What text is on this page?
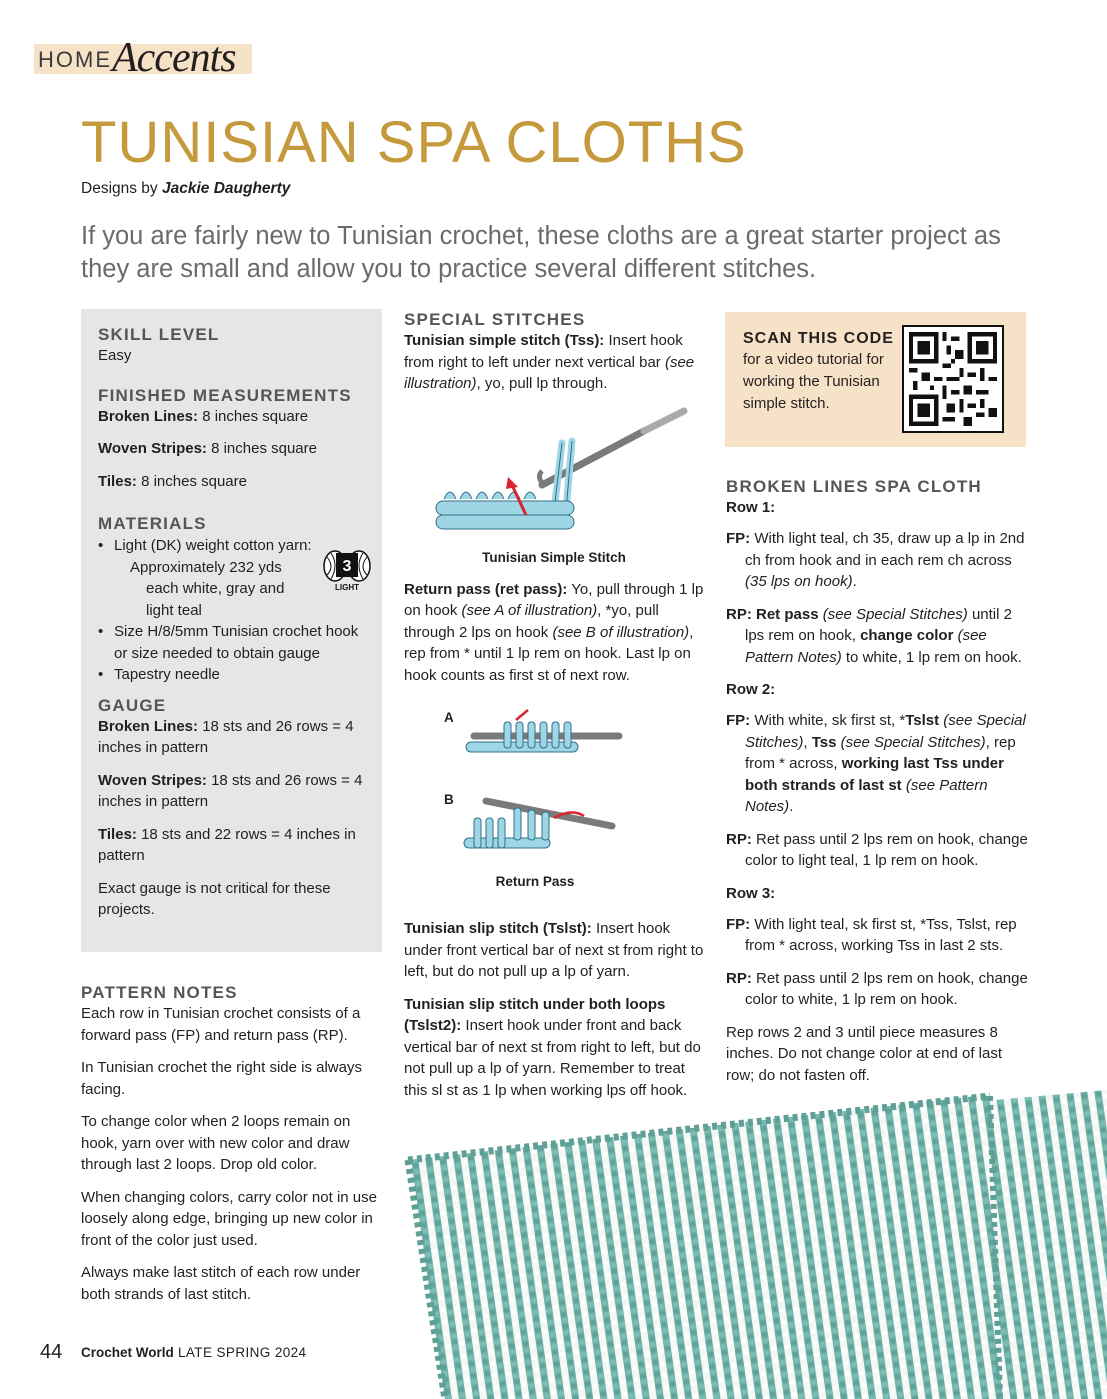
HOME Accents
TUNISIAN SPA CLOTHS
Designs by Jackie Daugherty
If you are fairly new to Tunisian crochet, these cloths are a great starter project as they are small and allow you to practice several different stitches.
SKILL LEVEL
Easy
FINISHED MEASUREMENTS
Broken Lines: 8 inches square
Woven Stripes: 8 inches square
Tiles: 8 inches square
MATERIALS
• Light (DK) weight cotton yarn:
Approximately 232 yds
each white, gray and
light teal
• Size H/8/5mm Tunisian crochet hook
or size needed to obtain gauge
• Tapestry needle
3
LIGHT
GAUGE
Broken Lines: 18 sts and 26 rows = 4 inches in pattern
Woven Stripes: 18 sts and 26 rows = 4 inches in pattern
Tiles: 18 sts and 22 rows = 4 inches in pattern
Exact gauge is not critical for these projects.
PATTERN NOTES

Each row in Tunisian crochet consists of a forward pass (FP) and return pass (RP).

In Tunisian crochet the right side is always facing.

To change color when 2 loops remain on hook, yarn over with new color and draw through last 2 loops. Drop old color.

When changing colors, carry color not in use loosely along edge, bringing up new color in front of the color just used.

Always make last stitch of each row under both strands of last stitch.

SPECIAL STITCHES

Tunisian simple stitch (Tss): Insert hook from right to left under next vertical bar (see illustration), yo, pull lp through.

Tunisian Simple Stitch

Return pass (ret pass): Yo, pull through 1 lp on hook (see A of illustration), *yo, pull through 2 lps on hook (see B of illustration), rep from * until 1 lp rem on hook. Last lp on hook counts as first st of next row.

A
B
Return Pass

Tunisian slip stitch (Tslst): Insert hook under front vertical bar of next st from right to left, but do not pull up a lp of yarn.

Tunisian slip stitch under both loops (Tslst2): Insert hook under front and back vertical bar of next st from right to left, but do not pull up a lp of yarn. Remember to treat this sl st as 1 lp when working lps off hook.

SCAN THIS CODE
for a video tutorial for working the Tunisian simple stitch.
BROKEN LINES SPA CLOTH
Row 1:

FP: With light teal, ch 35, draw up a lp in 2nd ch from hook and in each rem ch across (35 lps on hook).

RP: Ret pass (see Special Stitches) until 2 lps rem on hook, change color (see Pattern Notes) to white, 1 lp rem on hook.

Row 2:

FP: With white, sk first st, *Tslst (see Special Stitches), Tss (see Special Stitches), rep from * across, working last Tss under both strands of last st (see Pattern Notes).

RP: Ret pass until 2 lps rem on hook, change color to light teal, 1 lp rem on hook.

Row 3:

FP: With light teal, sk first st, *Tss, Tslst, rep from * across, working Tss in last 2 sts.

RP: Ret pass until 2 lps rem on hook, change color to white, 1 lp rem on hook.

Rep rows 2 and 3 until piece measures 8 inches. Do not change color at end of last row; do not fasten off.

44 Crochet World LATE SPRING 2024
